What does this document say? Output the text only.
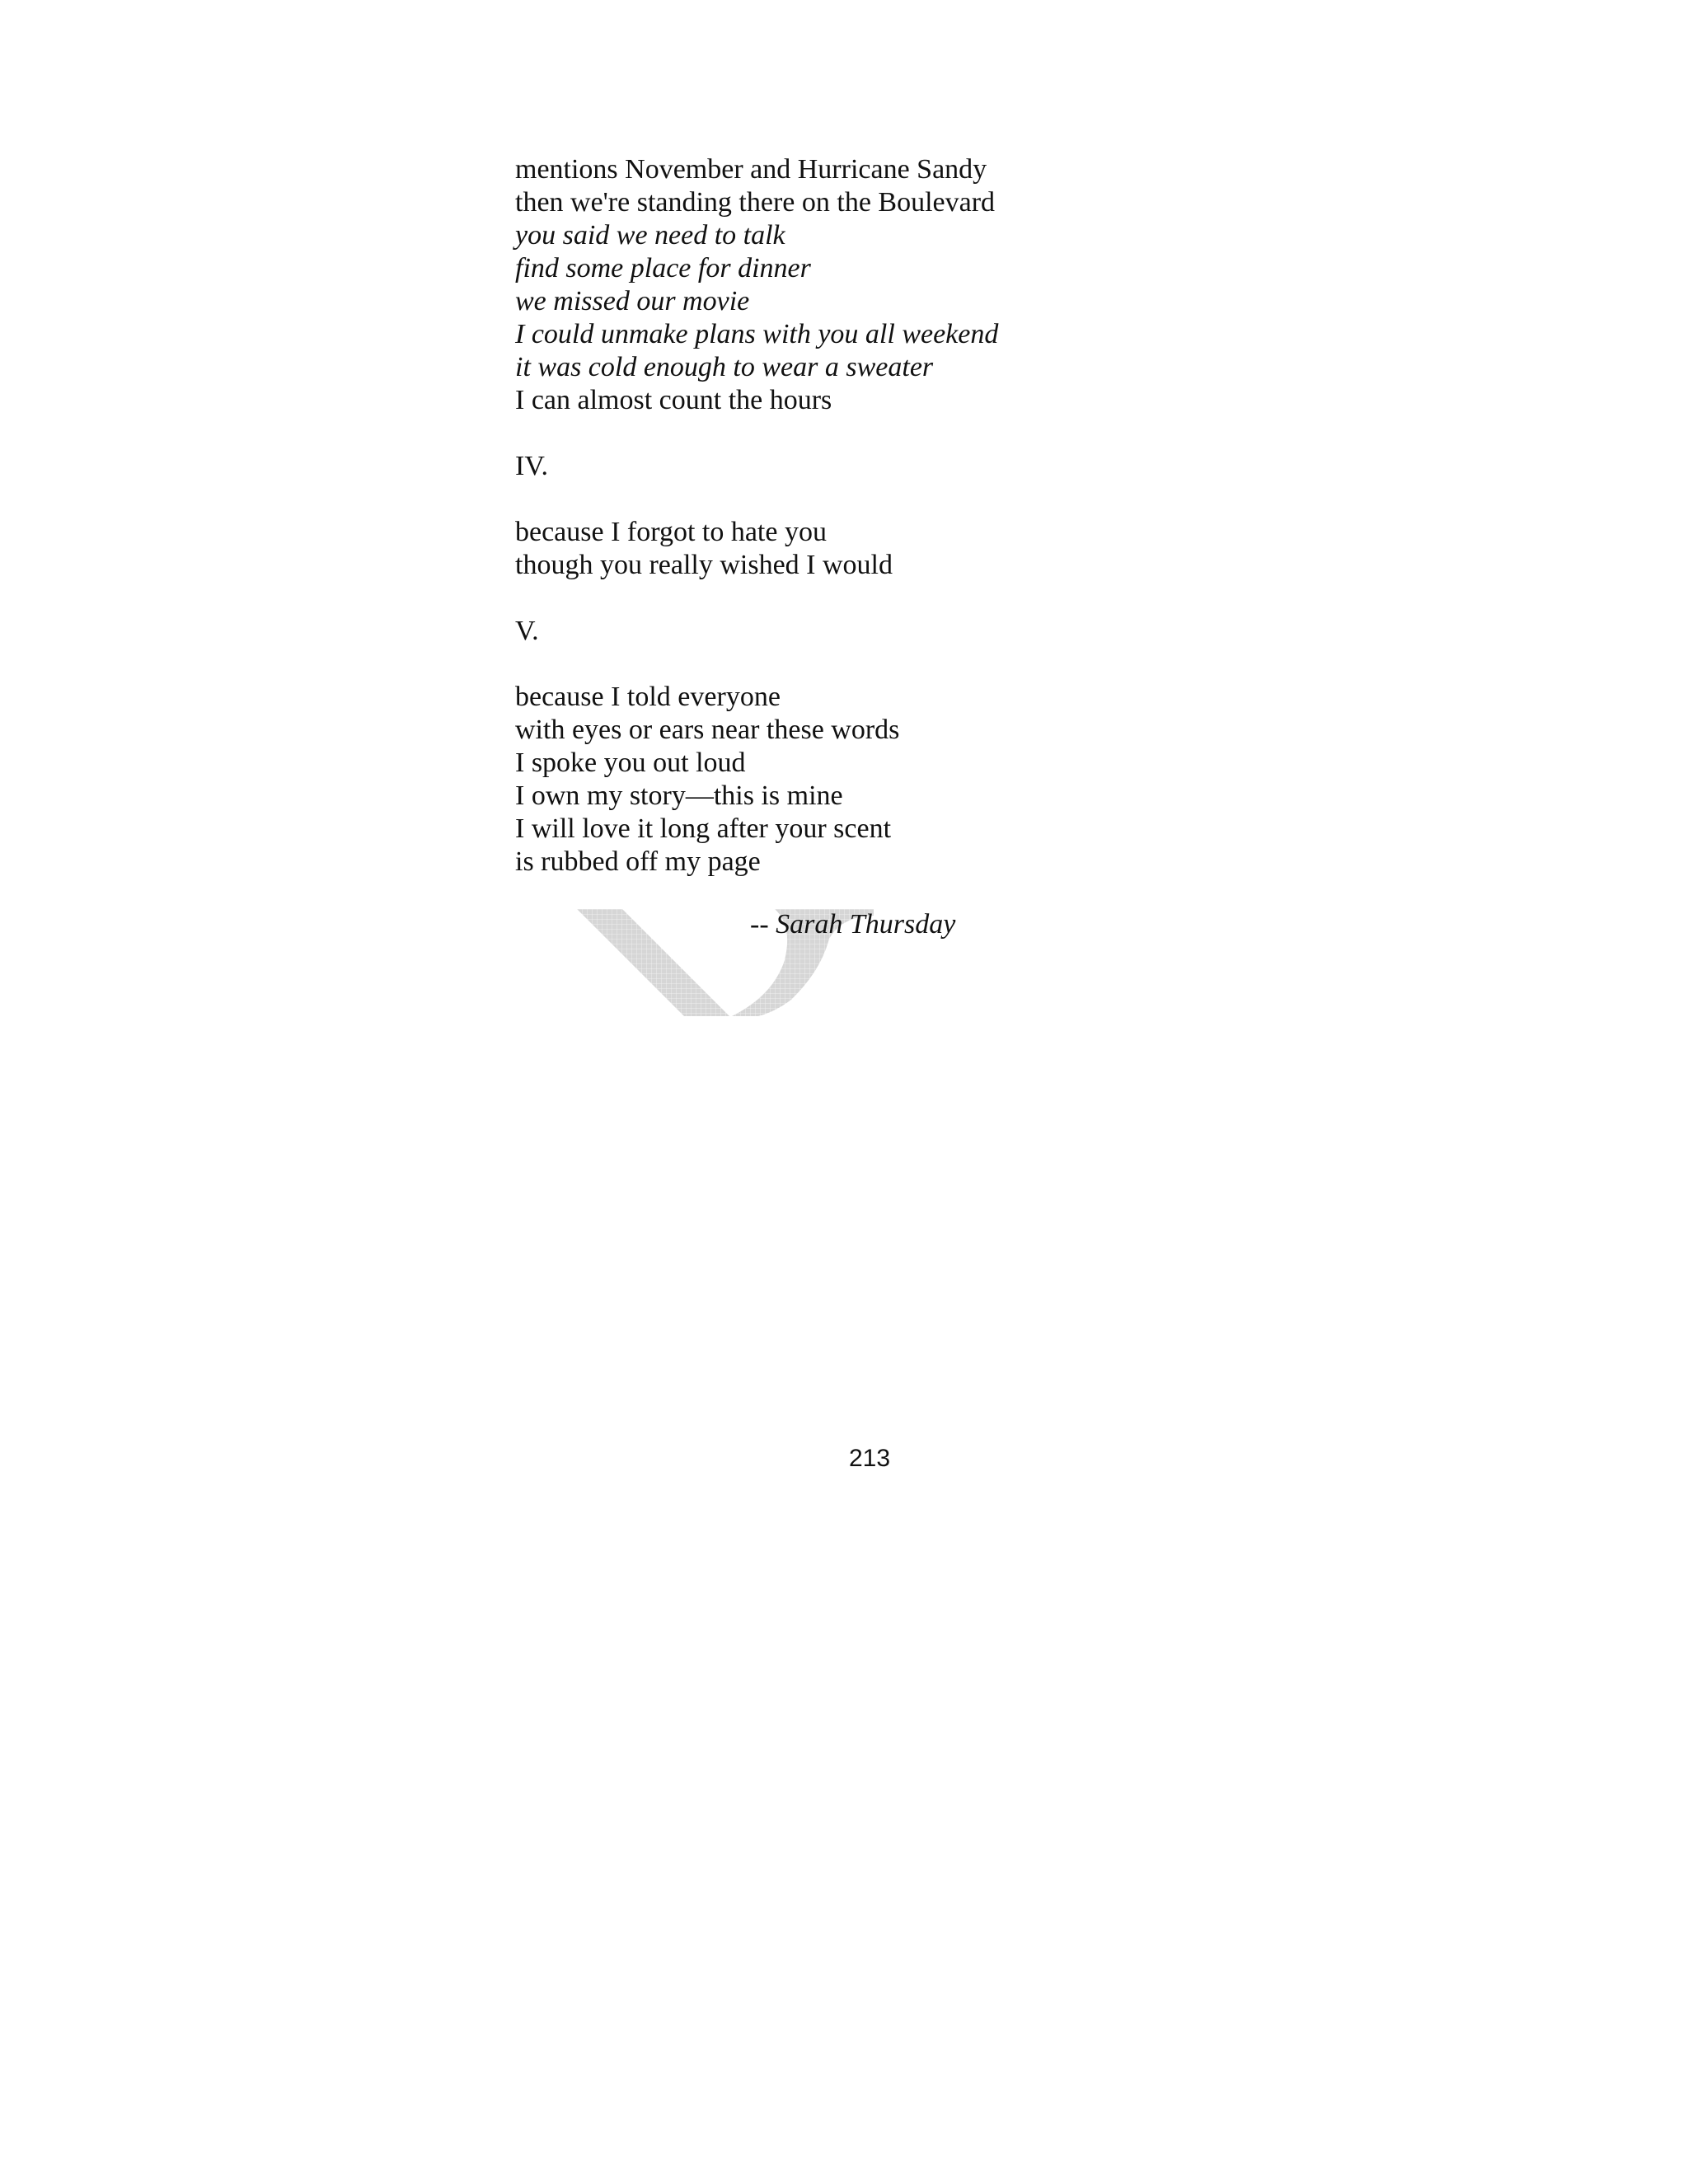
mentions November and Hurricane Sandy
then we're standing there on the Boulevard
you said we need to talk
find some place for dinner
we missed our movie
I could unmake plans with you all weekend
it was cold enough to wear a sweater
I can almost count the hours
IV.
because I forgot to hate you
though you really wished I would
V.
because I told everyone
with eyes or ears near these words
I spoke you out loud
I own my story—this is mine
I will love it long after your scent
is rubbed off my page
-- Sarah Thursday
213
